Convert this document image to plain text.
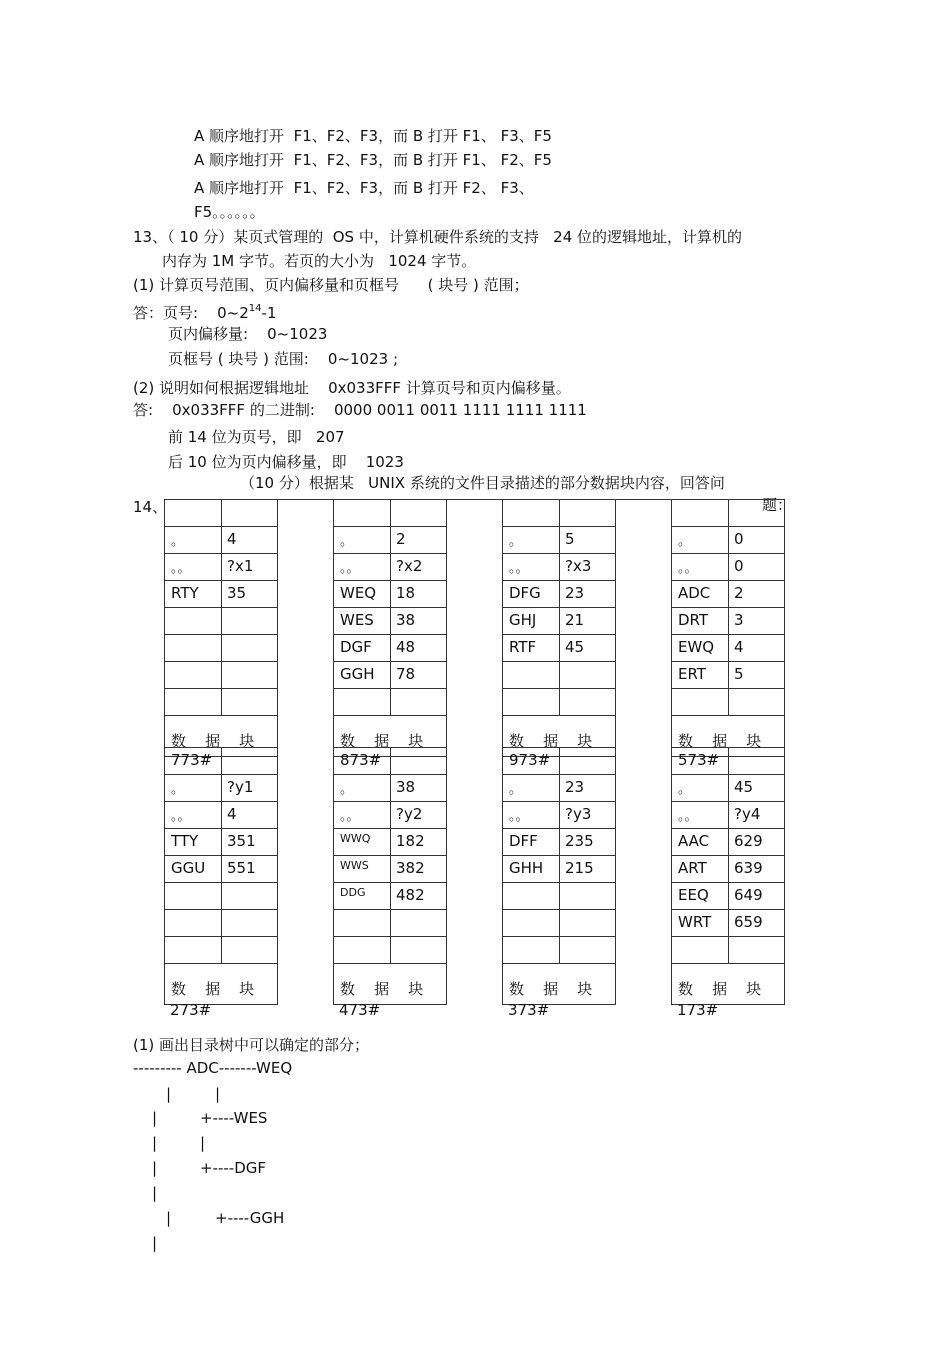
A 顺序地打开  F1、F2、F3，而 B 打开 F1、 F3、F5
A 顺序地打开  F1、F2、F3，而 B 打开 F1、 F2、F5
A 顺序地打开  F1、F2、F3，而 B 打开 F2、 F3、
F5。。。。。。
13、（ 10 分）某页式管理的  OS 中，计算机硬件系统的支持   24 位的逻辑地址，计算机的
内存为 1M 字节。若页的大小为   1024 字节。
(1) 计算页号范围、页内偏移量和页框号      ( 块号 ) 范围；
答：页号:    $0\sim 2^{14}-1$
页内偏移量:    0~1023
页框号 ( 块号 ) 范围:    0~1023 ;
(2) 说明如何根据逻辑地址    0x033FFF 计算页号和页内偏移量。
答:    0x033FFF 的二进制:    0000 0011 0011 1111 1111 1111
前 14 位为页号，即   207
后 10 位为页内偏移量，即    1023
（10 分）根据某   UNIX 系统的文件目录描述的部分数据块内容，回答问
14、	题：
。	4
。。 ?x1
RTY 35
数    据    块
。	2
。。 ?x2
WEQ 18
WES 38
DGF 48
GGH 78
数    据    块
。	5
。。 ?x3
DFG 23
GHJ 21
RTF 45
数    据    块
。	0
。。 0
ADC 2
DRT 3
EWQ 4
ERT 5
数    据    块
773#
。	?y1
。。 4
TTY 351
GGU 551
数    据    块
273#
873#
。	38
。。 ?y2
WWQ 182
WWS 382
DDG 482
数    据    块
473#
973#
。	23
。。 ?y3
DFF 235
GHH 215
数    据    块
373#
573#
。	45
。。 ?y4
AAC 629
ART 639
EEQ 649
WRT 659
数    据    块
173#
(1) 画出目录树中可以确定的部分；
--------- ADC-------WEQ
|	|
|	+----WES
|	|
+----DGF
|
|
|	+----GGH
|
